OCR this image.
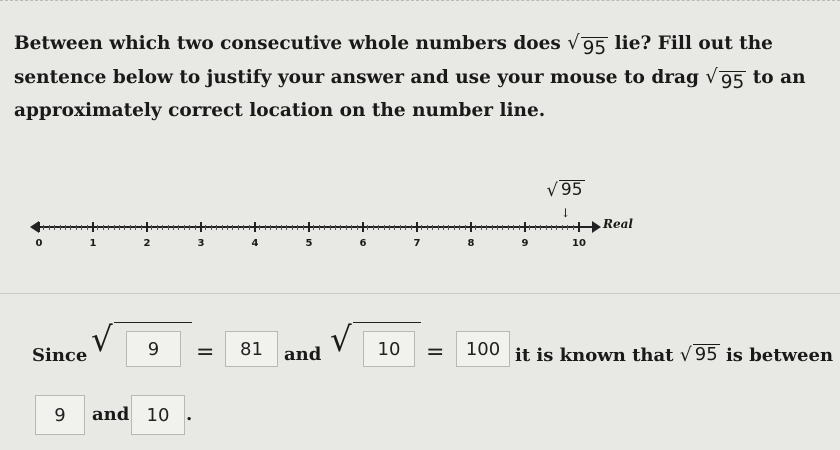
Between which two consecutive whole numbers does √ 95 lie? Fill out the sentence below to justify your answer and use your mouse to drag √ 95 to an approximately correct location on the number line.
√ 95
↓
Real
0	1	2	3	4	5	6	7	8	9	10
Since √	9	=	81	and √	10	=	100 it is known that √ 95 is between
9	and 10 .
